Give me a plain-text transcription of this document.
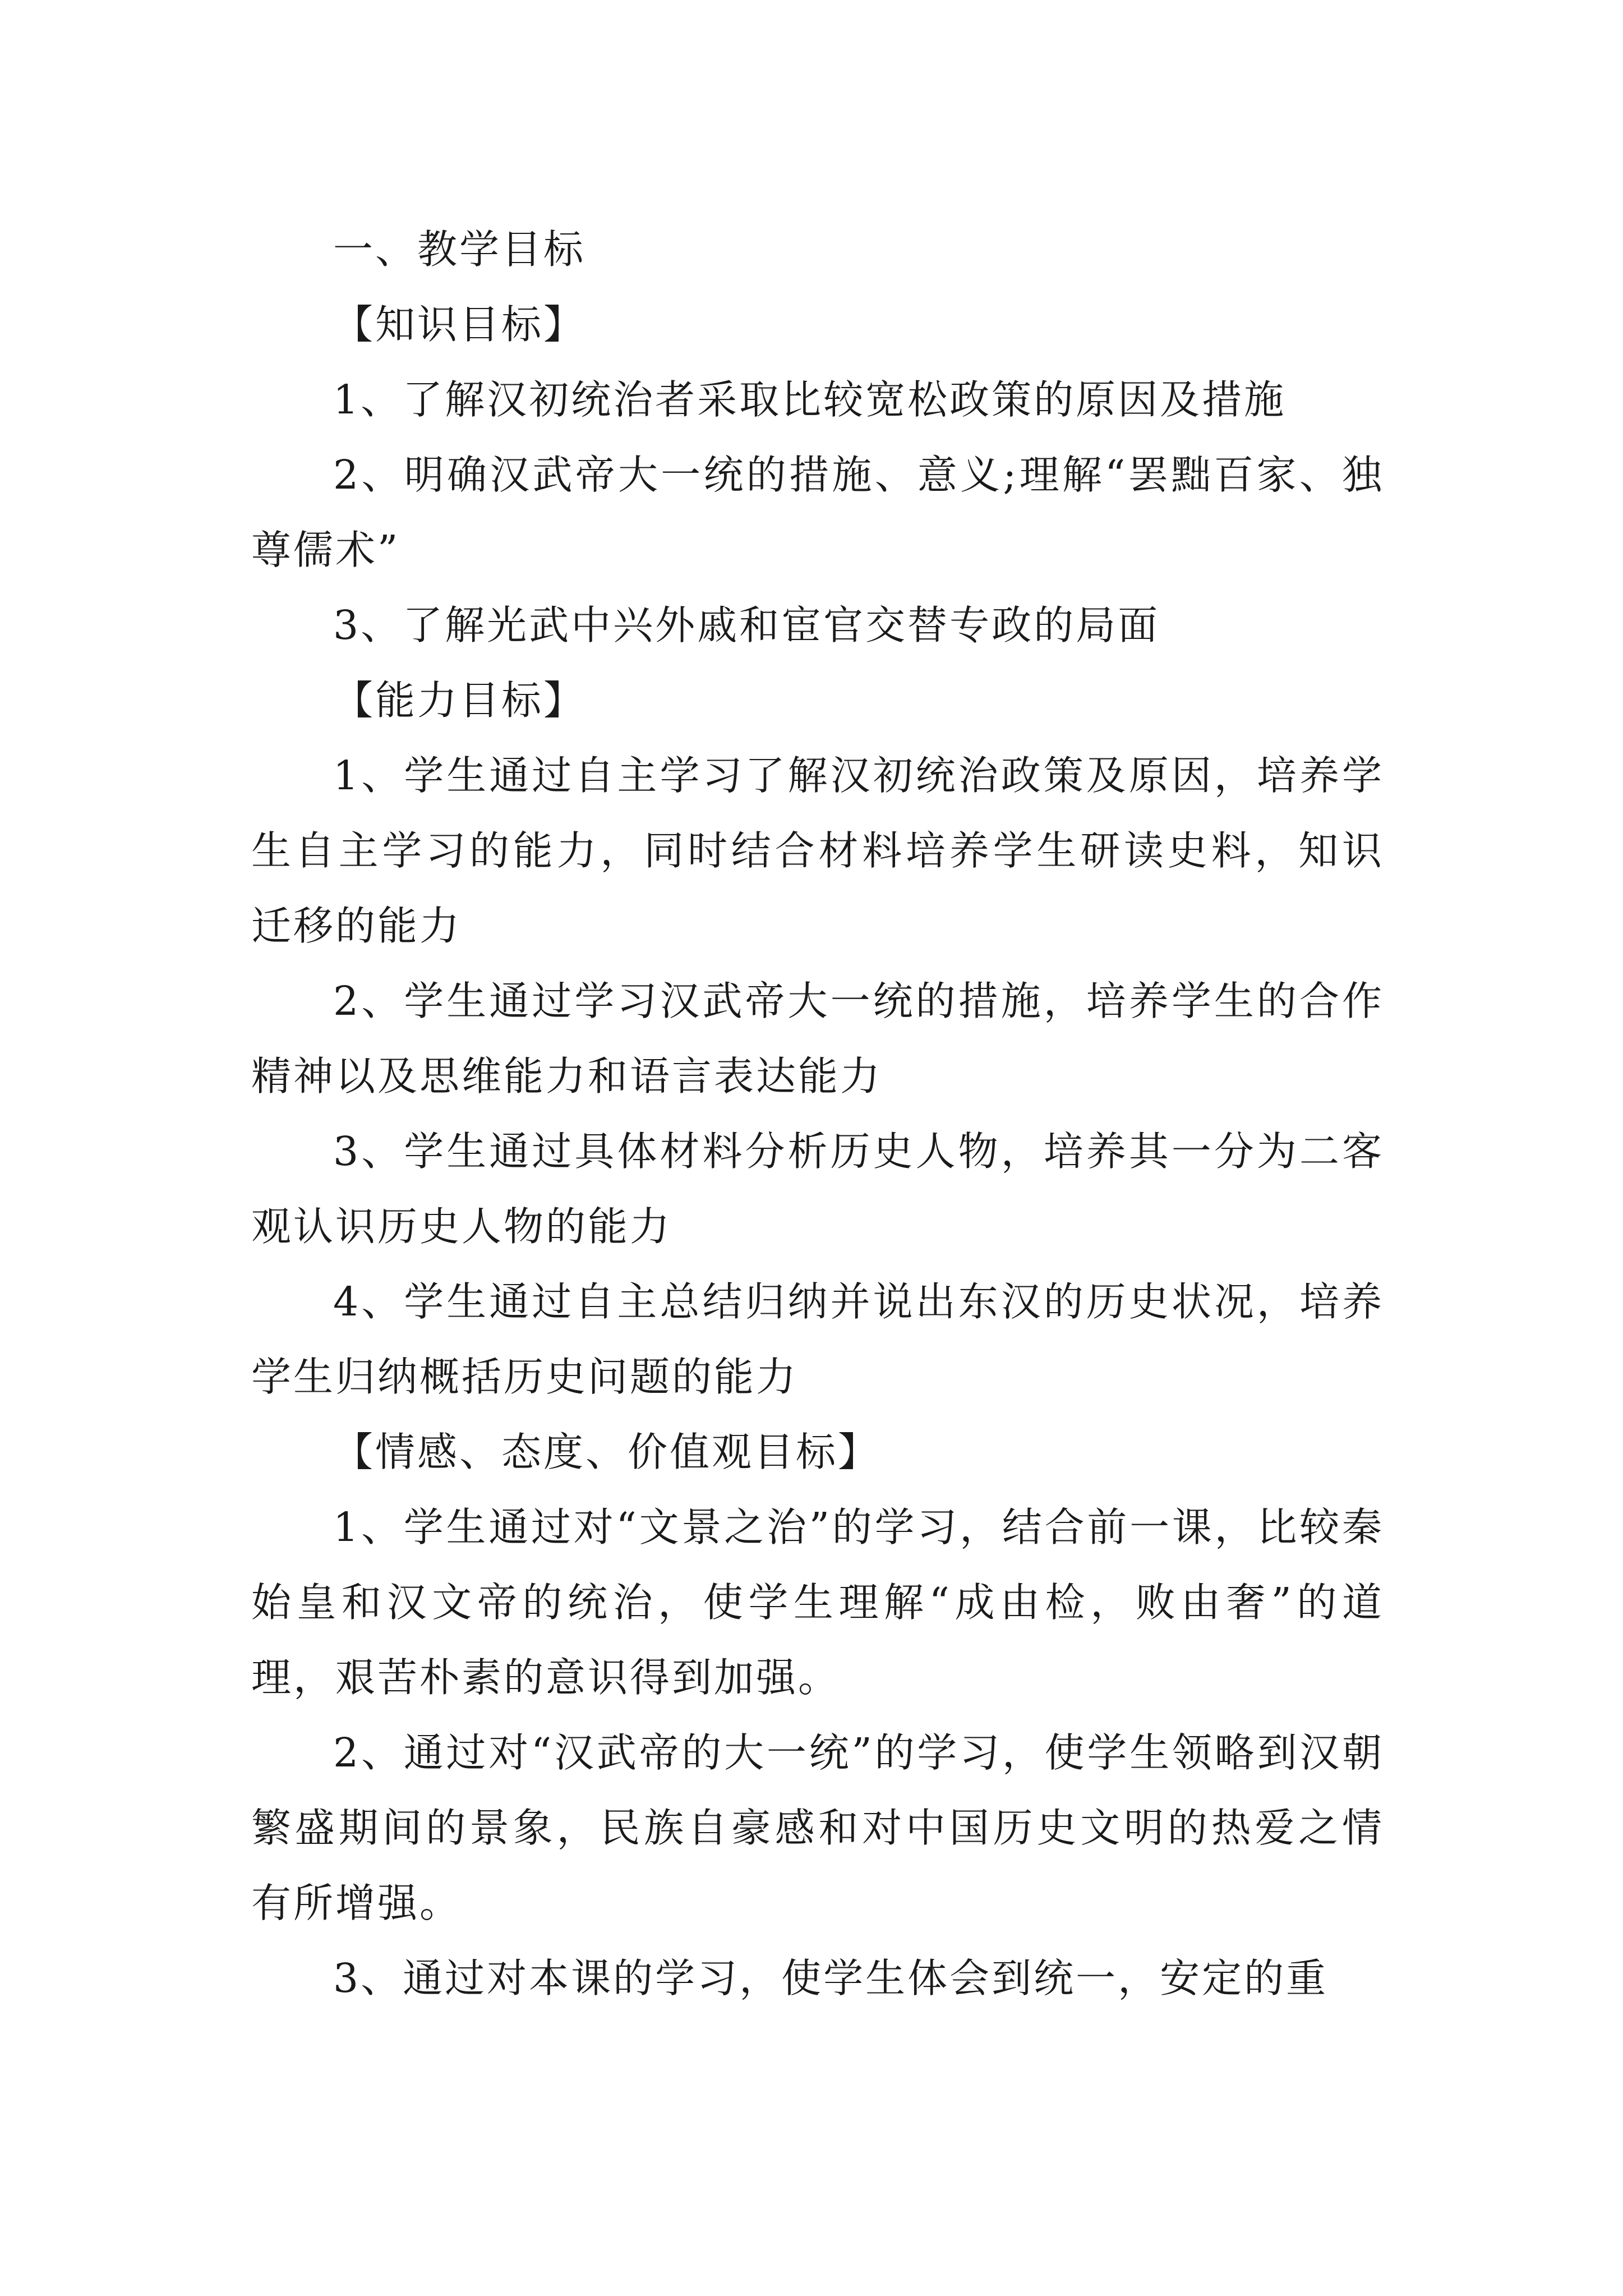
一、教学目标

【知识目标】

1、了解汉初统治者采取比较宽松政策的原因及措施

2、明确汉武帝大一统的措施、意义;理解“罢黜百家、独尊儒术”

3、了解光武中兴外戚和宦官交替专政的局面

【能力目标】

1、学生通过自主学习了解汉初统治政策及原因，培养学生自主学习的能力，同时结合材料培养学生研读史料，知识迁移的能力

2、学生通过学习汉武帝大一统的措施，培养学生的合作精神以及思维能力和语言表达能力

3、学生通过具体材料分析历史人物，培养其一分为二客观认识历史人物的能力

4、学生通过自主总结归纳并说出东汉的历史状况，培养学生归纳概括历史问题的能力

【情感、态度、价值观目标】

1、学生通过对“文景之治”的学习，结合前一课，比较秦始皇和汉文帝的统治，使学生理解“成由检，败由奢”的道理，艰苦朴素的意识得到加强。

2、通过对“汉武帝的大一统”的学习，使学生领略到汉朝繁盛期间的景象，民族自豪感和对中国历史文明的热爱之情有所增强。

3、通过对本课的学习，使学生体会到统一，安定的重
